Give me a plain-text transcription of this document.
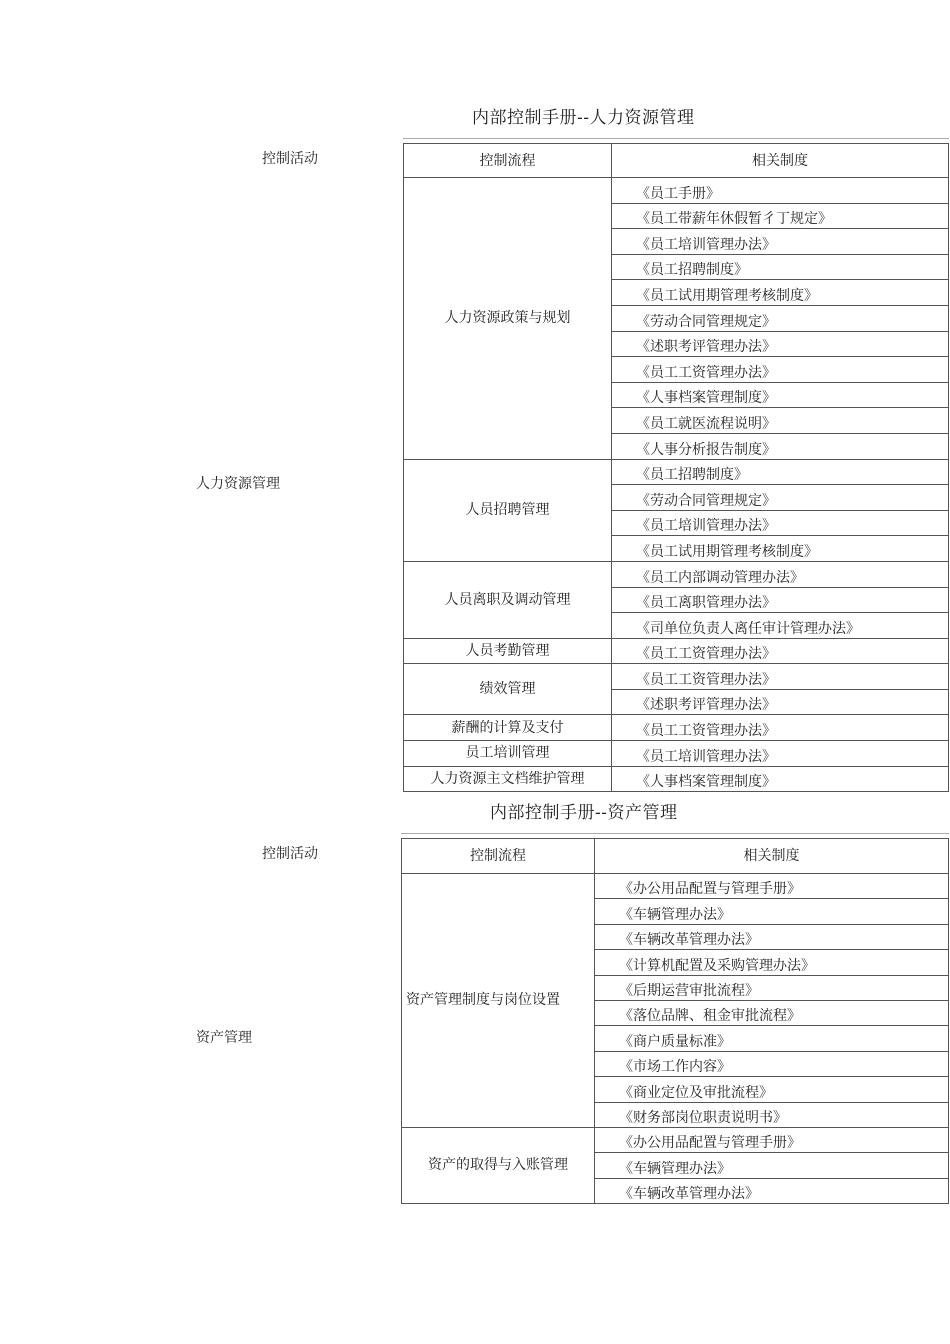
内部控制手册--人力资源管理
控制活动
人力资源管理
控制流程	相关制度
人力资源政策与规划	《员工手册》
	《员工带薪年休假暂彳丁规定》
	《员工培训管理办法》
	《员工招聘制度》
	《员工试用期管理考核制度》
	《劳动合同管理规定》
	《述职考评管理办法》
	《员工工资管理办法》
	《人事档案管理制度》
	《员工就医流程说明》
	《人事分析报告制度》
人员招聘管理	《员工招聘制度》
	《劳动合同管理规定》
	《员工培训管理办法》
	《员工试用期管理考核制度》
人员离职及调动管理	《员工内部调动管理办法》
	《员工离职管理办法》
	《司单位负责人离任审计管理办法》
人员考勤管理	《员工工资管理办法》
绩效管理	《员工工资管理办法》
	《述职考评管理办法》
薪酬的计算及支付	《员工工资管理办法》
员工培训管理	《员工培训管理办法》
人力资源主文档维护管理	《人事档案管理制度》
内部控制手册--资产管理
控制活动
资产管理
控制流程	相关制度
资产管理制度与岗位设置	《办公用品配置与管理手册》
	《车辆管理办法》
	《车辆改革管理办法》
	《计算机配置及采购管理办法》
	《后期运营审批流程》
	《落位品牌、租金审批流程》
	《商户质量标准》
	《市场工作内容》
	《商业定位及审批流程》
	《财务部岗位职责说明书》
资产的取得与入账管理	《办公用品配置与管理手册》
	《车辆管理办法》
	《车辆改革管理办法》
